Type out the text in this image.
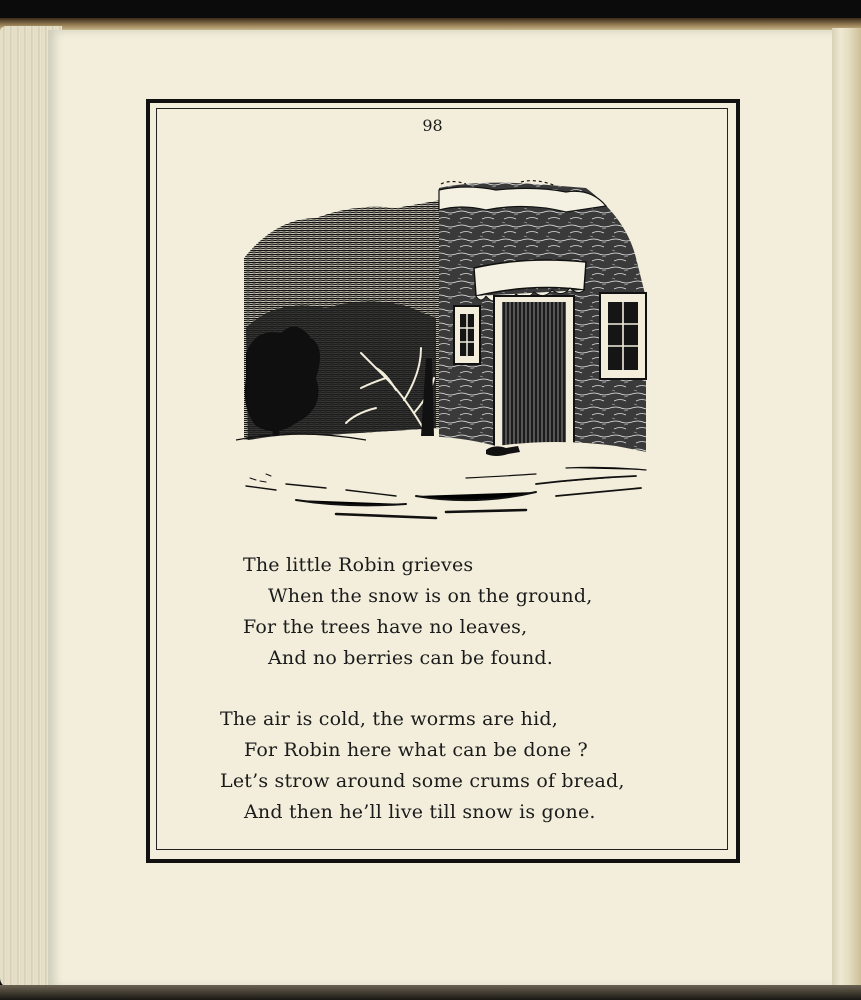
98
The little Robin grieves
When the snow is on the ground,
For the trees have no leaves,
And no berries can be found.
The air is cold, the worms are hid,
For Robin here what can be done ?
Let’s strow around some crums of bread,
And then he’ll live till snow is gone.
